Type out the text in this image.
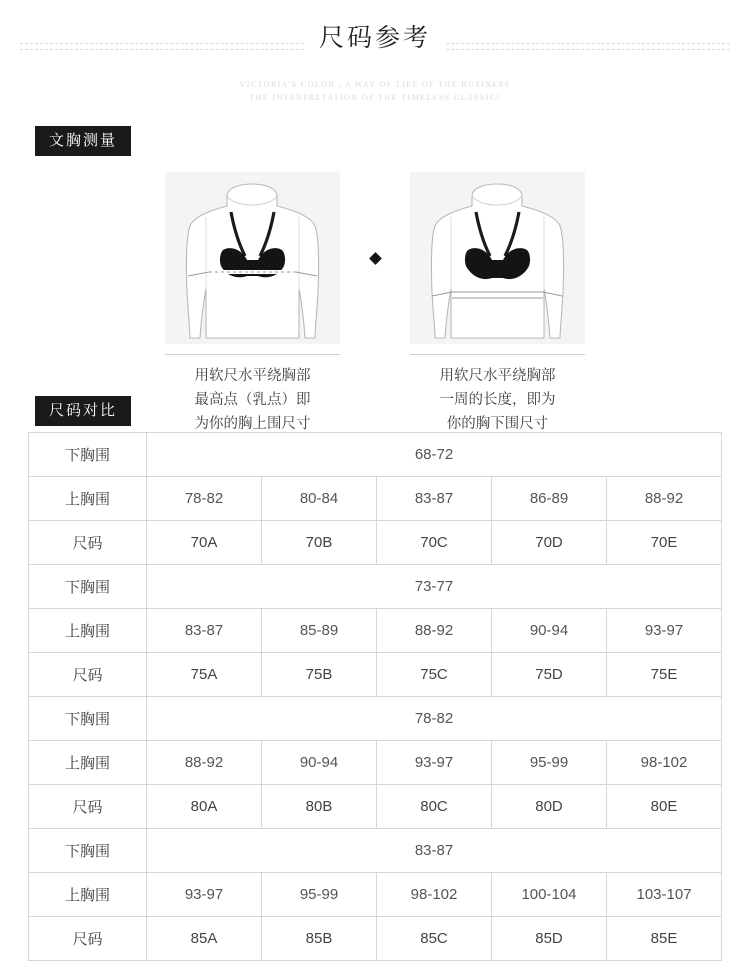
尺码参考
VICTORIA'S COLOR , A WAY OF LIFE OF THE BUSINESS
THE INTERPRETATION OF THE TIMELESS CLASSIC!
文胸测量
用软尺水平绕胸部
最高点（乳点）即
为你的胸上围尺寸
用软尺水平绕胸部
一周的长度，即为
你的胸下围尺寸
尺码对比
下胸围	68-72				
上胸围	78-82	80-84	83-87	86-89	88-92
尺码	70A	70B	70C	70D	70E
下胸围	73-77				
上胸围	83-87	85-89	88-92	90-94	93-97
尺码	75A	75B	75C	75D	75E
下胸围	78-82				
上胸围	88-92	90-94	93-97	95-99	98-102
尺码	80A	80B	80C	80D	80E
下胸围	83-87				
上胸围	93-97	95-99	98-102	100-104	103-107
尺码	85A	85B	85C	85D	85E
